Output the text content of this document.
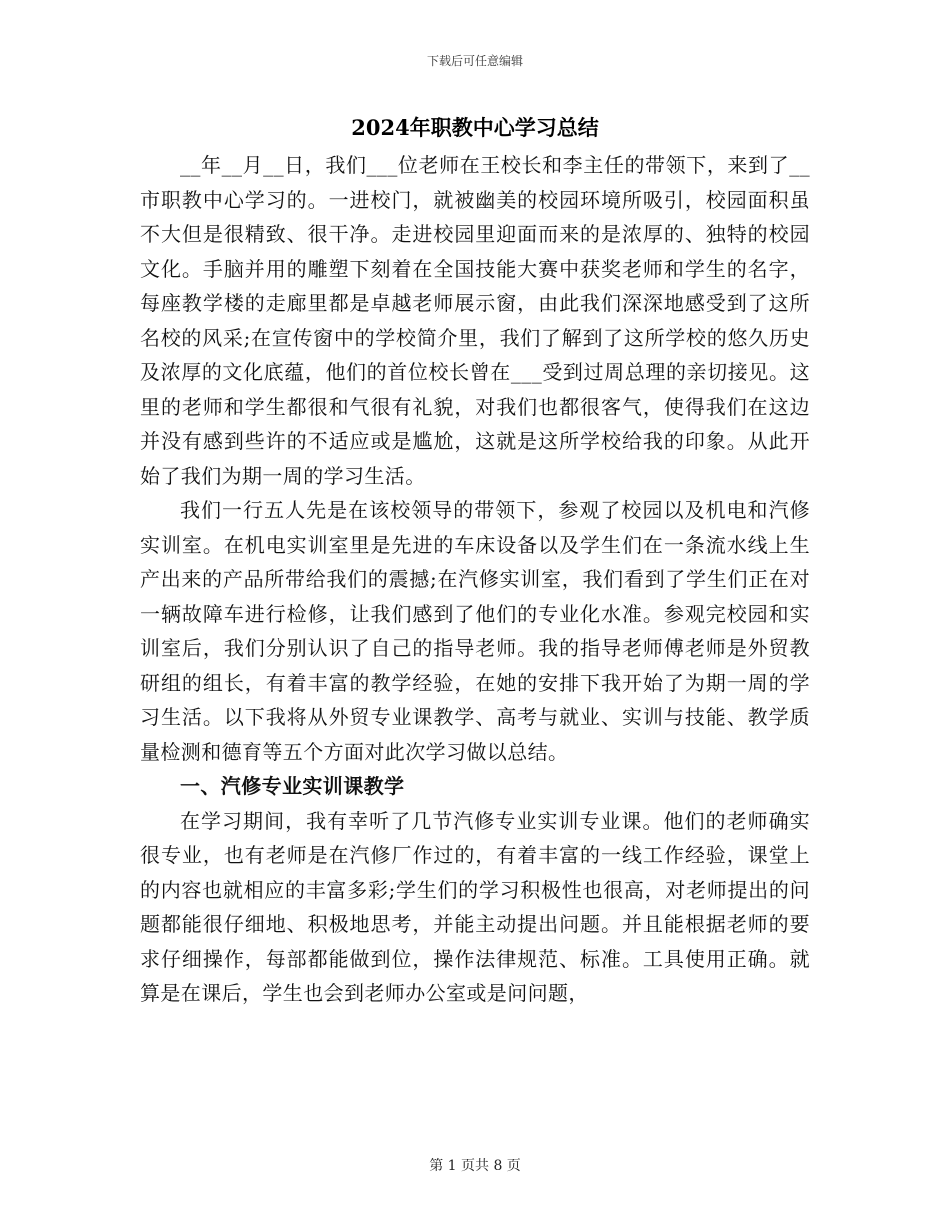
下载后可任意编辑
2024年职教中心学习总结

__年__月__日，我们___位老师在王校长和李主任的带领下，来到了__市职教中心学习的。一进校门，就被幽美的校园环境所吸引，校园面积虽不大但是很精致、很干净。走进校园里迎面而来的是浓厚的、独特的校园文化。手脑并用的雕塑下刻着在全国技能大赛中获奖老师和学生的名字，每座教学楼的走廊里都是卓越老师展示窗，由此我们深深地感受到了这所名校的风采;在宣传窗中的学校简介里，我们了解到了这所学校的悠久历史及浓厚的文化底蕴，他们的首位校长曾在___受到过周总理的亲切接见。这里的老师和学生都很和气很有礼貌，对我们也都很客气，使得我们在这边并没有感到些许的不适应或是尴尬，这就是这所学校给我的印象。从此开始了我们为期一周的学习生活。

我们一行五人先是在该校领导的带领下，参观了校园以及机电和汽修实训室。在机电实训室里是先进的车床设备以及学生们在一条流水线上生产出来的产品所带给我们的震撼;在汽修实训室，我们看到了学生们正在对一辆故障车进行检修，让我们感到了他们的专业化水准。参观完校园和实训室后，我们分别认识了自己的指导老师。我的指导老师傅老师是外贸教研组的组长，有着丰富的教学经验，在她的安排下我开始了为期一周的学习生活。以下我将从外贸专业课教学、高考与就业、实训与技能、教学质量检测和德育等五个方面对此次学习做以总结。

一、汽修专业实训课教学

在学习期间，我有幸听了几节汽修专业实训专业课。他们的老师确实很专业，也有老师是在汽修厂作过的，有着丰富的一线工作经验，课堂上的内容也就相应的丰富多彩;学生们的学习积极性也很高，对老师提出的问题都能很仔细地、积极地思考，并能主动提出问题。并且能根据老师的要求仔细操作，每部都能做到位，操作法律规范、标准。工具使用正确。就算是在课后，学生也会到老师办公室或是问问题，

第 1 页共 8 页
